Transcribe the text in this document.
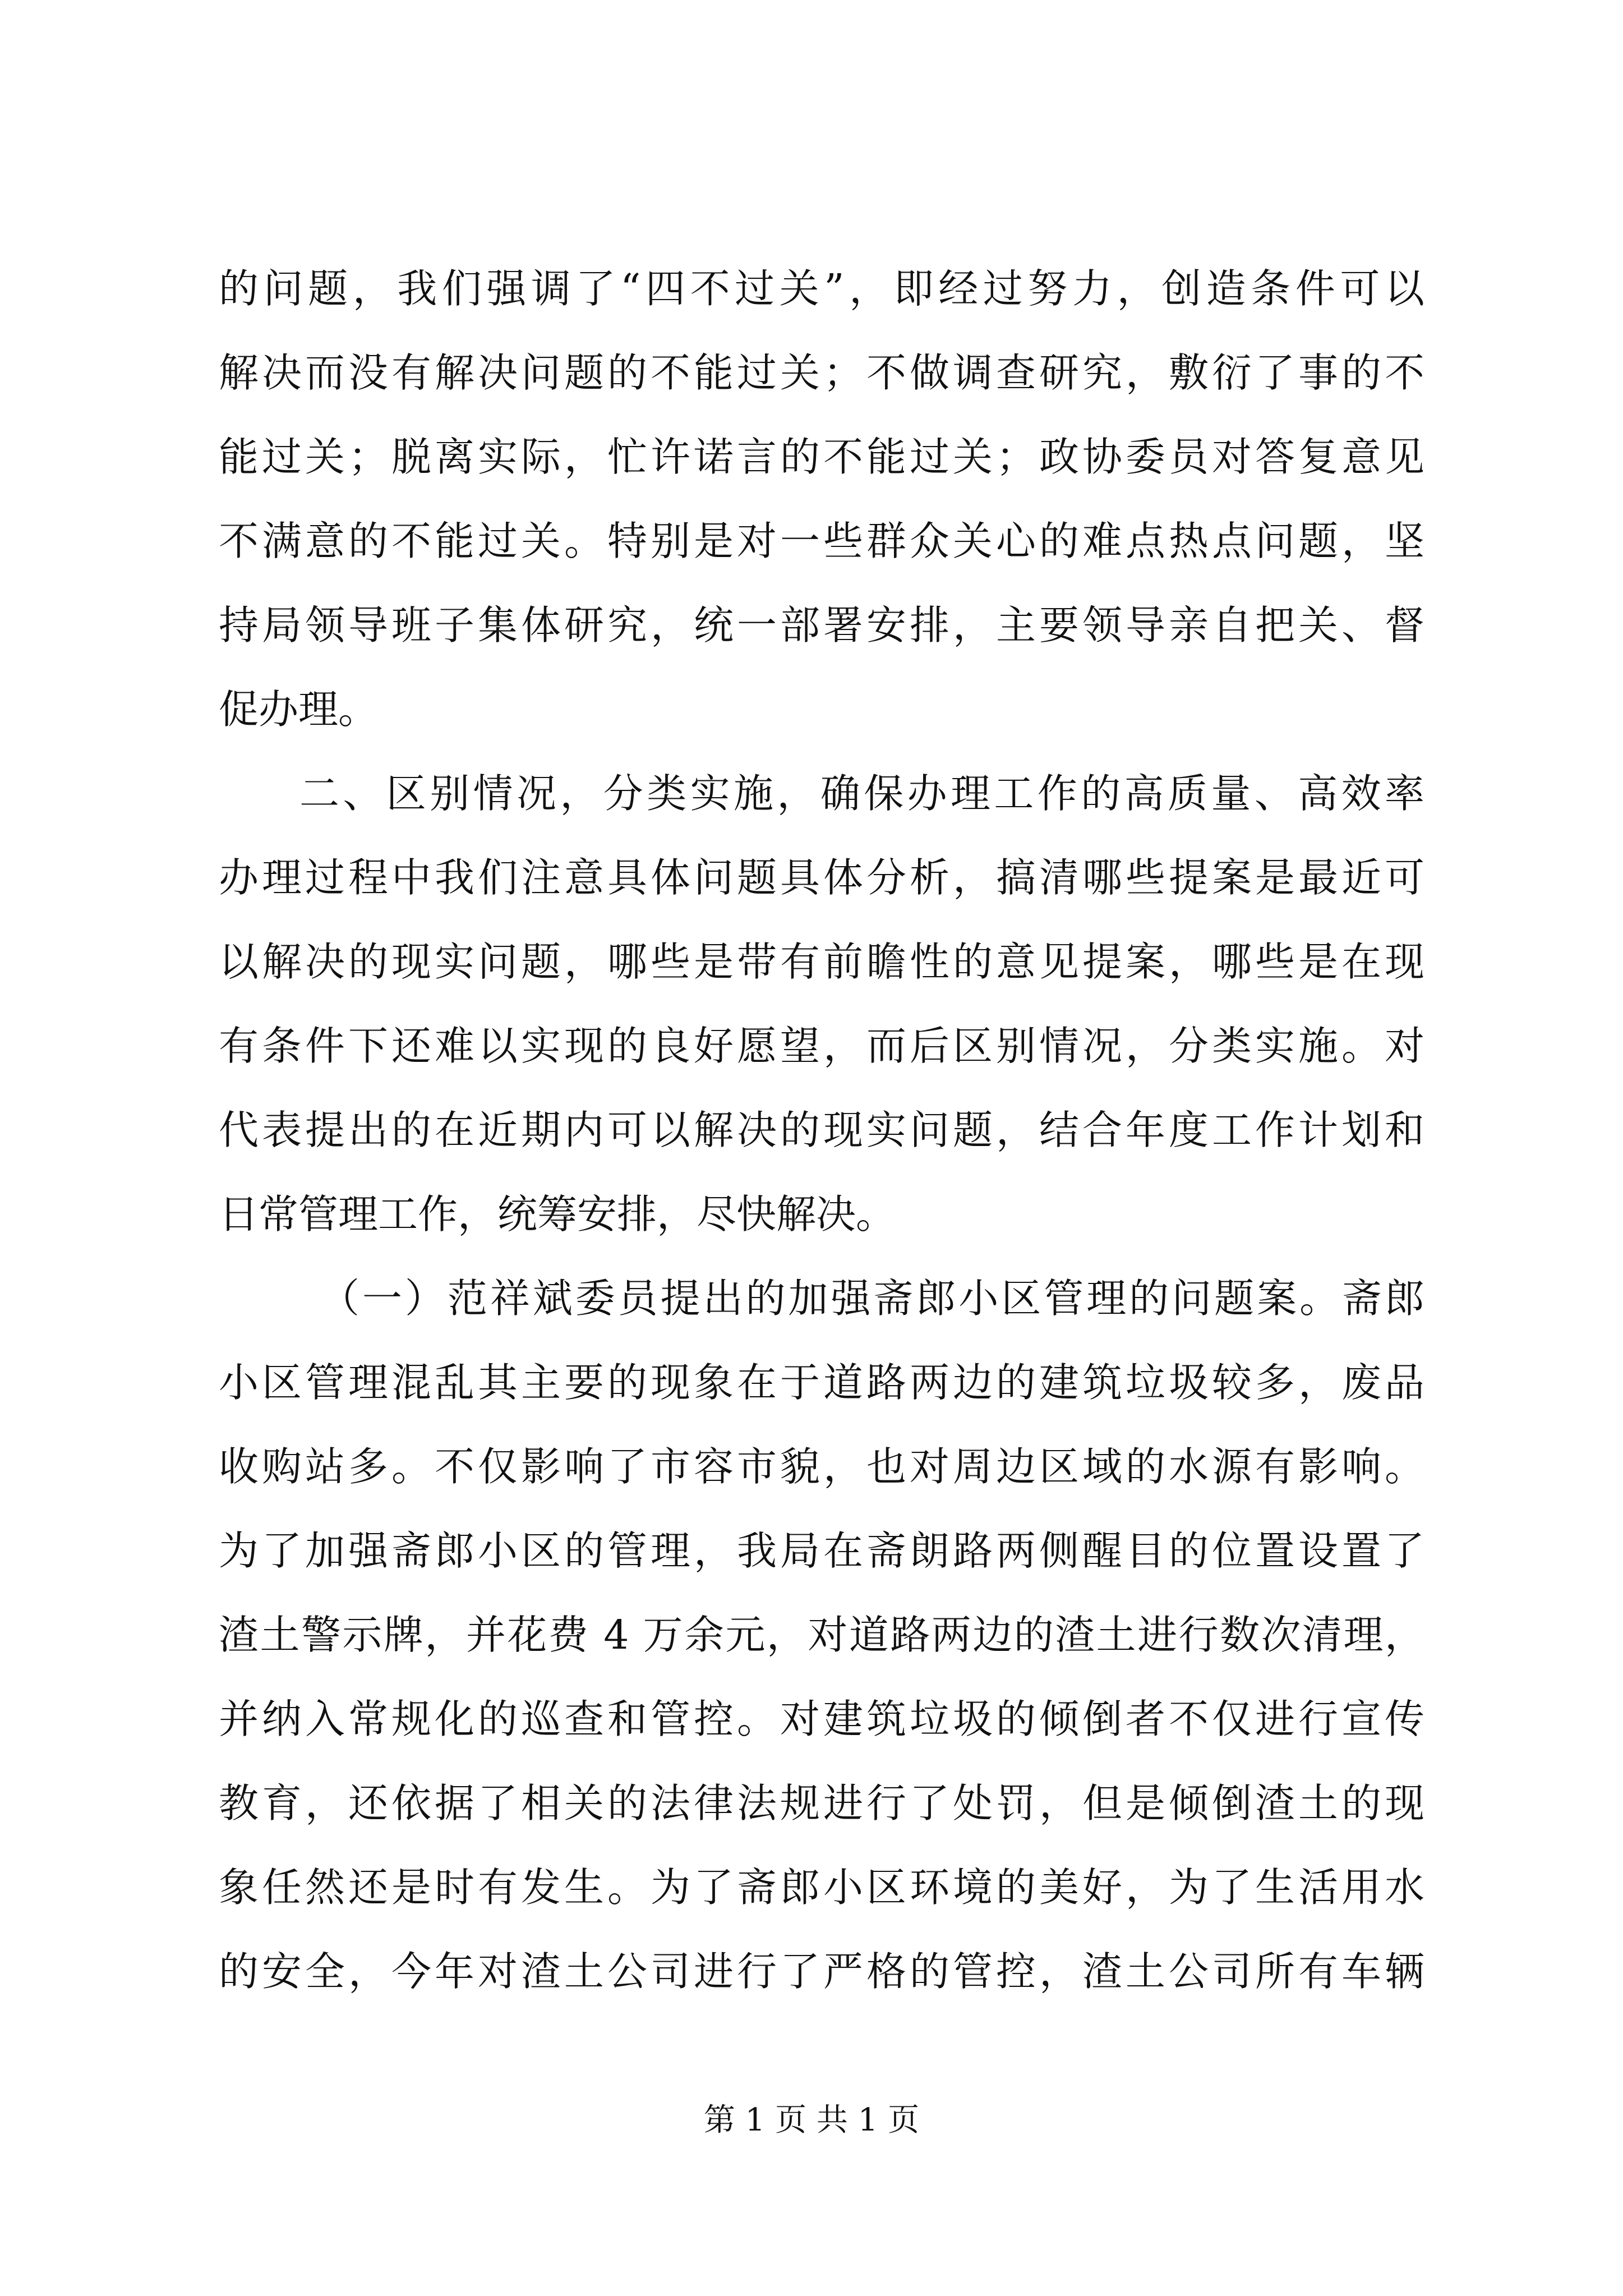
的问题，我们强调了“四不过关”，即经过努力，创造条件可以
解决而没有解决问题的不能过关；不做调查研究，敷衍了事的不
能过关；脱离实际，忙许诺言的不能过关；政协委员对答复意见
不满意的不能过关。特别是对一些群众关心的难点热点问题，坚
持局领导班子集体研究，统一部署安排，主要领导亲自把关、督
促办理。
二、区别情况，分类实施，确保办理工作的高质量、高效率
办理过程中我们注意具体问题具体分析，搞清哪些提案是最近可
以解决的现实问题，哪些是带有前瞻性的意见提案，哪些是在现
有条件下还难以实现的良好愿望，而后区别情况，分类实施。对
代表提出的在近期内可以解决的现实问题，结合年度工作计划和
日常管理工作，统筹安排，尽快解决。
（一）范祥斌委员提出的加强斋郎小区管理的问题案。斋郎
小区管理混乱其主要的现象在于道路两边的建筑垃圾较多，废品
收购站多。不仅影响了市容市貌，也对周边区域的水源有影响。
为了加强斋郎小区的管理，我局在斋朗路两侧醒目的位置设置了
渣土警示牌，并花费 4 万余元，对道路两边的渣土进行数次清理，
并纳入常规化的巡查和管控。对建筑垃圾的倾倒者不仅进行宣传
教育，还依据了相关的法律法规进行了处罚，但是倾倒渣土的现
象任然还是时有发生。为了斋郎小区环境的美好，为了生活用水
的安全，今年对渣土公司进行了严格的管控，渣土公司所有车辆
第 1 页 共 1 页
